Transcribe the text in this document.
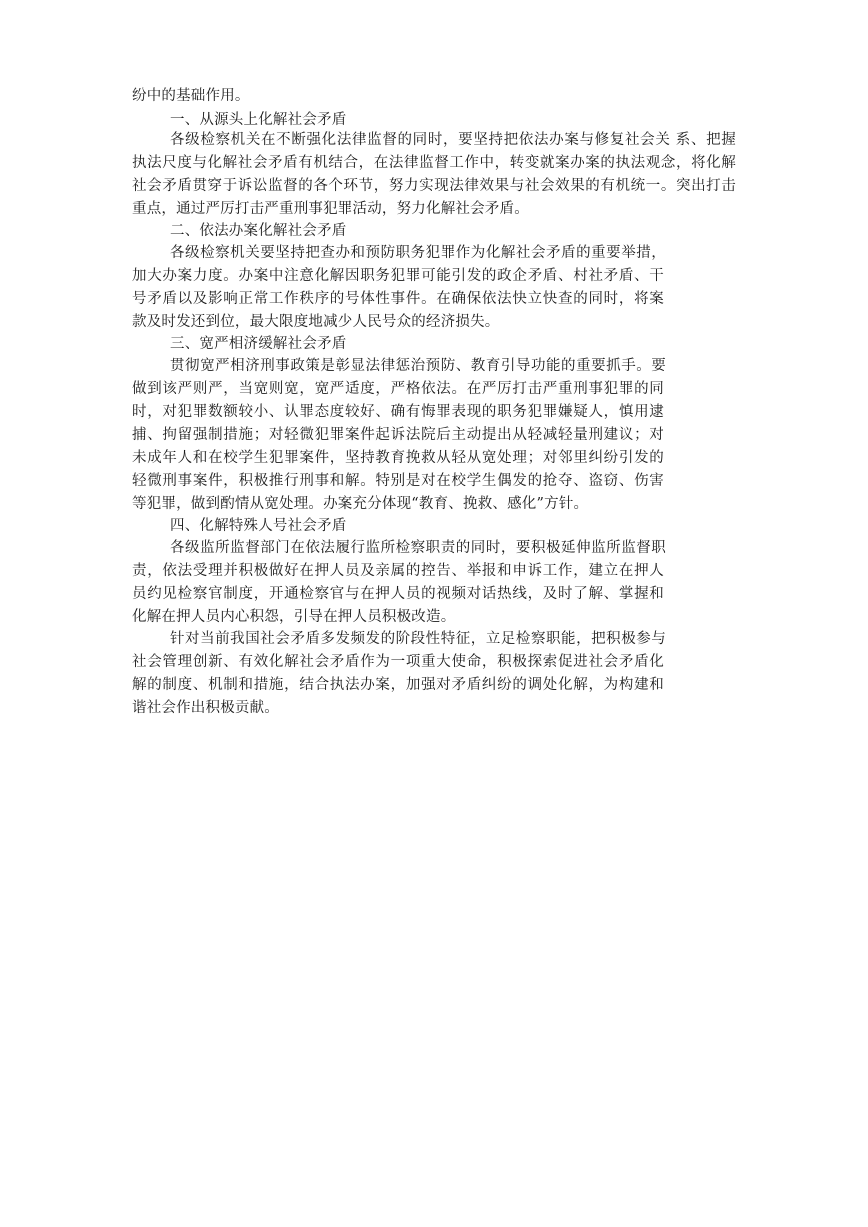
纷中的基础作用。
一、从源头上化解社会矛盾
各级检察机关在不断强化法律监督的同时，要坚持把依法办案与修复社会关 系、把握
执法尺度与化解社会矛盾有机结合，在法律监督工作中，转变就案办案的执法观念，将化解
社会矛盾贯穿于诉讼监督的各个环节，努力实现法律效果与社会效果的有机统一。突出打击
重点，通过严厉打击严重刑事犯罪活动，努力化解社会矛盾。
二、依法办案化解社会矛盾
各级检察机关要坚持把查办和预防职务犯罪作为化解社会矛盾的重要举措，
加大办案力度。办案中注意化解因职务犯罪可能引发的政企矛盾、村社矛盾、干
号矛盾以及影响正常工作秩序的号体性事件。在确保依法快立快查的同时，将案
款及时发还到位，最大限度地减少人民号众的经济损失。
三、宽严相济缓解社会矛盾
贯彻宽严相济刑事政策是彰显法律惩治预防、教育引导功能的重要抓手。要
做到该严则严，当宽则宽，宽严适度，严格依法。在严厉打击严重刑事犯罪的同
时，对犯罪数额较小、认罪态度较好、确有悔罪表现的职务犯罪嫌疑人，慎用逮
捕、拘留强制措施；对轻微犯罪案件起诉法院后主动提出从轻减轻量刑建议；对
未成年人和在校学生犯罪案件，坚持教育挽救从轻从宽处理；对邻里纠纷引发的
轻微刑事案件，积极推行刑事和解。特别是对在校学生偶发的抢夺、盗窃、伤害
等犯罪，做到酌情从宽处理。办案充分体现“教育、挽救、感化”方针。
四、化解特殊人号社会矛盾
各级监所监督部门在依法履行监所检察职责的同时，要积极延伸监所监督职
责，依法受理并积极做好在押人员及亲属的控告、举报和申诉工作，建立在押人
员约见检察官制度，开通检察官与在押人员的视频对话热线，及时了解、掌握和
化解在押人员内心积怨，引导在押人员积极改造。
针对当前我国社会矛盾多发频发的阶段性特征，立足检察职能，把积极参与
社会管理创新、有效化解社会矛盾作为一项重大使命，积极探索促进社会矛盾化
解的制度、机制和措施，结合执法办案，加强对矛盾纠纷的调处化解，为构建和
谐社会作出积极贡献。
